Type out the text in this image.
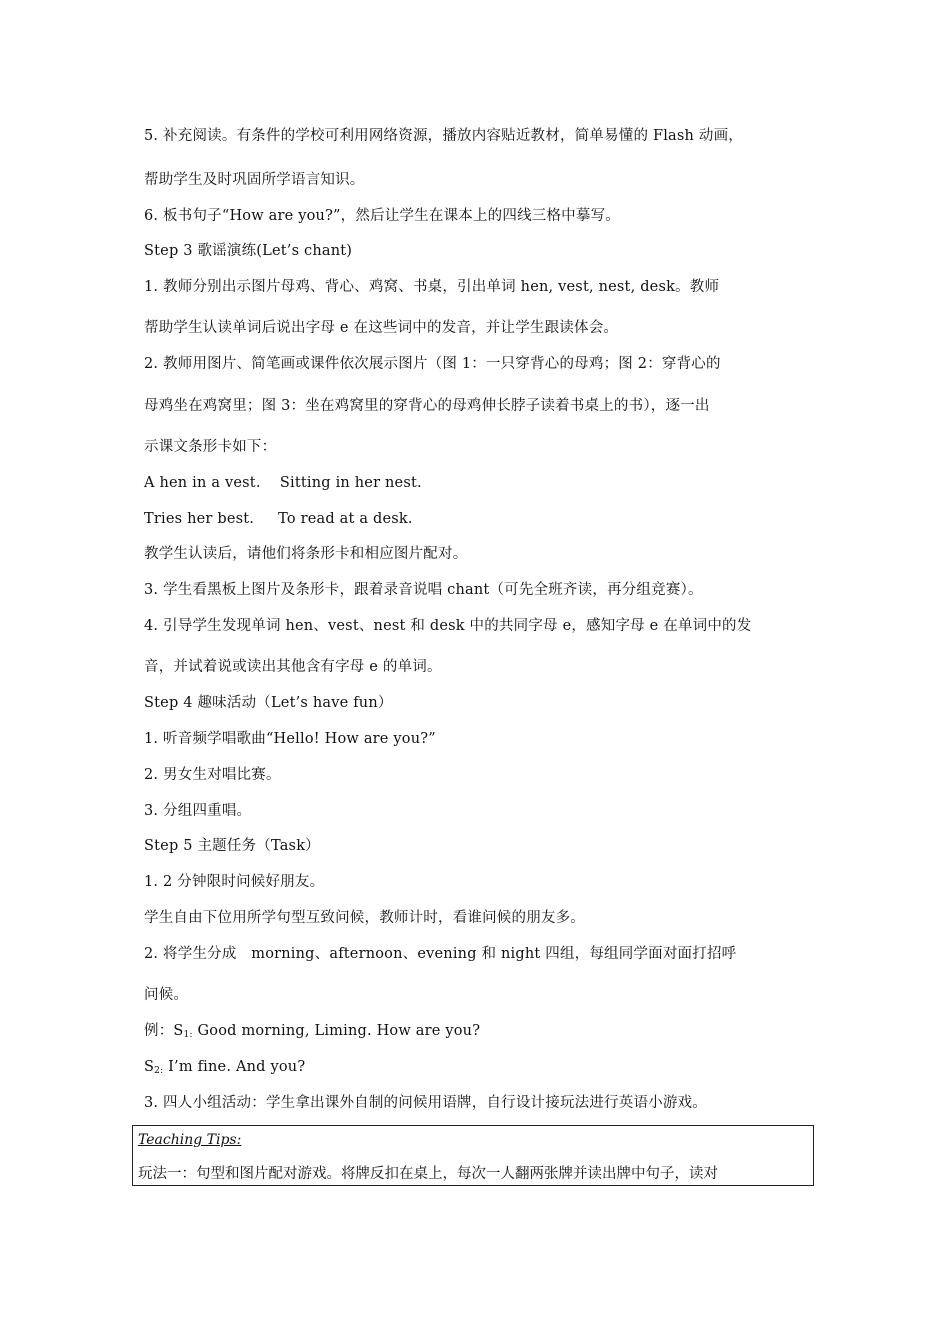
5. 补充阅读。有条件的学校可利用网络资源，播放内容贴近教材，简单易懂的 Flash 动画，
帮助学生及时巩固所学语言知识。
6. 板书句子“How are you?”，然后让学生在课本上的四线三格中摹写。
Step 3 歌谣演练(Let’s chant)
1. 教师分别出示图片母鸡、背心、鸡窝、书桌，引出单词 hen, vest, nest, desk。教师
帮助学生认读单词后说出字母 e 在这些词中的发音，并让学生跟读体会。
2. 教师用图片、简笔画或课件依次展示图片（图 1：一只穿背心的母鸡；图 2：穿背心的
母鸡坐在鸡窝里；图 3：坐在鸡窝里的穿背心的母鸡伸长脖子读着书桌上的书），逐一出
示课文条形卡如下：
A hen in a vest.    Sitting in her nest.
Tries her best.     To read at a desk.
教学生认读后，请他们将条形卡和相应图片配对。
3. 学生看黑板上图片及条形卡，跟着录音说唱 chant（可先全班齐读，再分组竞赛）。
4. 引导学生发现单词 hen、vest、nest 和 desk 中的共同字母 e，感知字母 e 在单词中的发
音，并试着说或读出其他含有字母 e 的单词。
Step 4 趣味活动（Let’s have fun）
1. 听音频学唱歌曲“Hello! How are you?”
2. 男女生对唱比赛。
3. 分组四重唱。
Step 5 主题任务（Task）
1. 2 分钟限时问候好朋友。
学生自由下位用所学句型互致问候，教师计时，看谁问候的朋友多。
2. 将学生分成　morning、afternoon、evening 和 night 四组，每组同学面对面打招呼
问候。
例：$S_{1:}$ Good morning, Liming. How are you?
$S_{2:}$ I’m fine. And you?
3. 四人小组活动：学生拿出课外自制的问候用语牌，自行设计接玩法进行英语小游戏。
Teaching Tips:
玩法一：句型和图片配对游戏。将牌反扣在桌上，每次一人翻两张牌并读出牌中句子，读对
